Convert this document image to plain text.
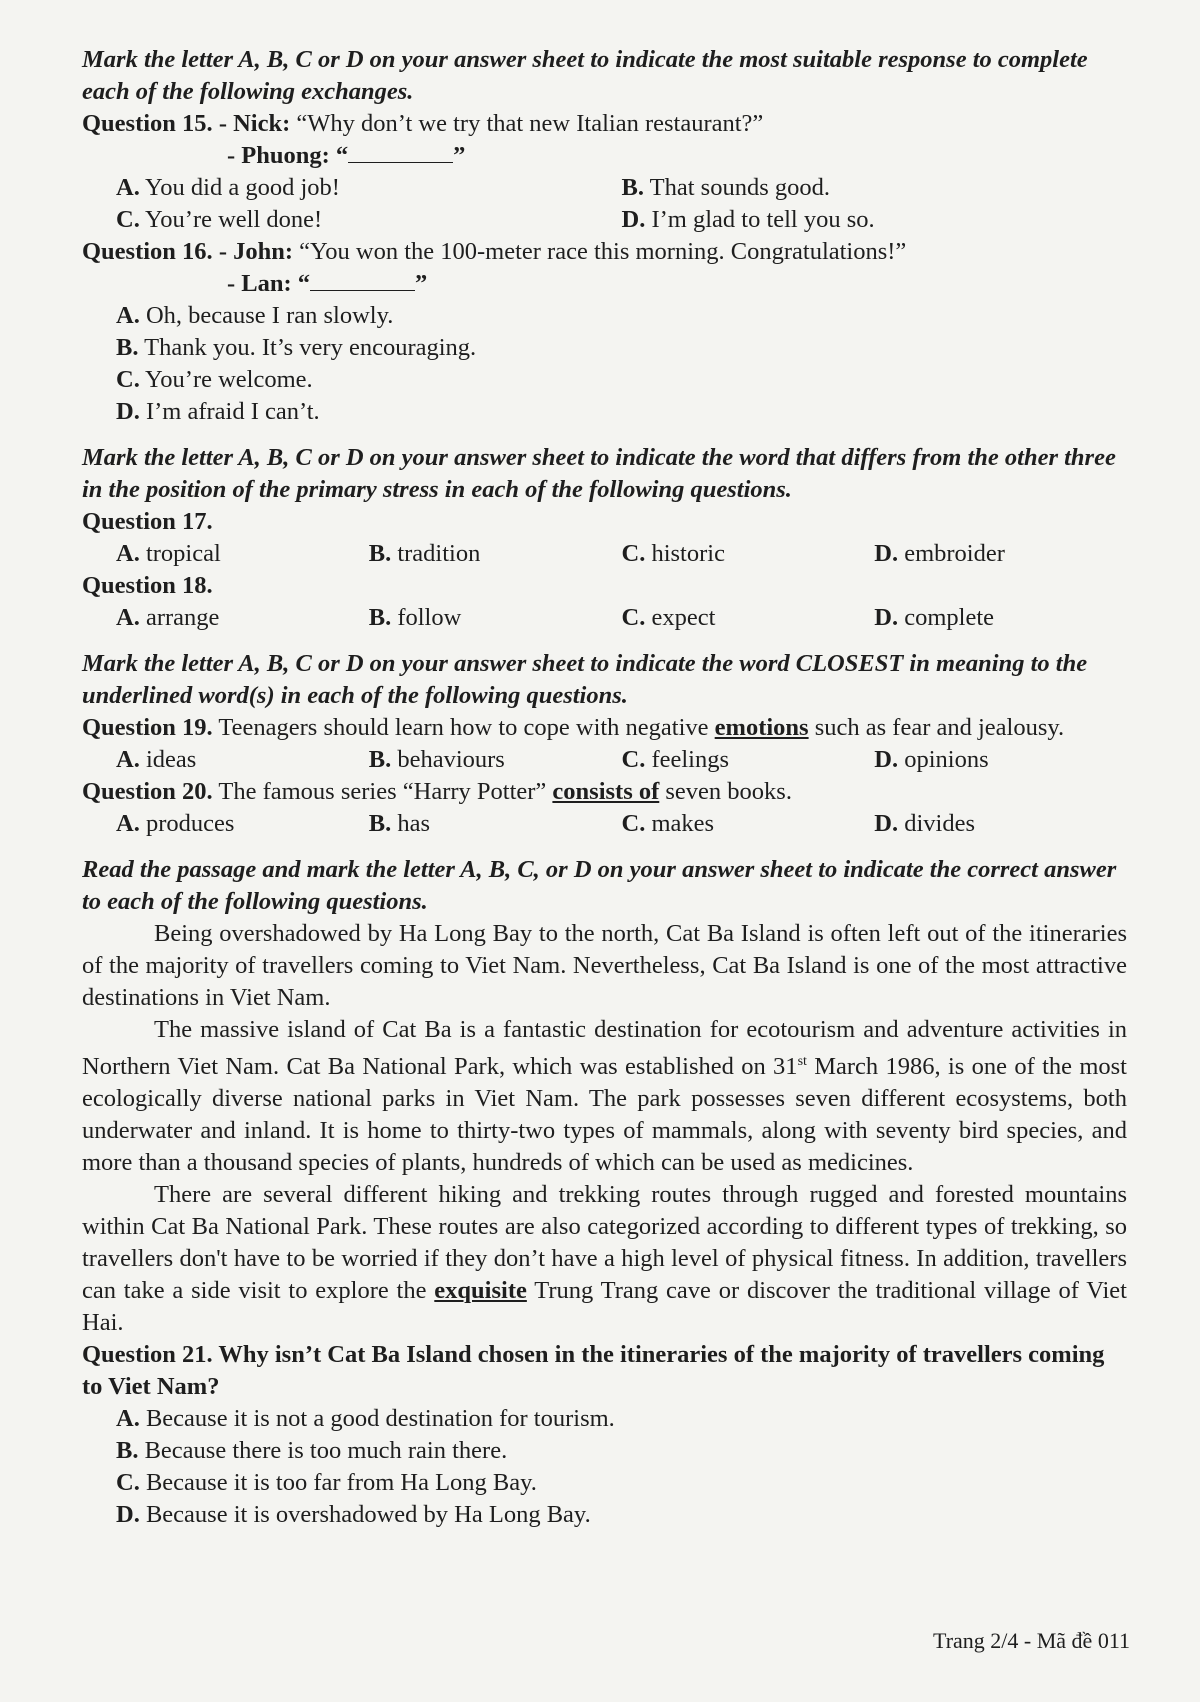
Mark the letter A, B, C or D on your answer sheet to indicate the most suitable response to complete each of the following exchanges.

Question 15. - Nick: “Why don’t we try that new Italian restaurant?”

- Phuong: “	”

A. You did a good job!	B. That sounds good.
C. You’re well done!	D. I’m glad to tell you so.

Question 16. - John: “You won the 100-meter race this morning. Congratulations!”

- Lan: “	”

A. Oh, because I ran slowly.

B. Thank you. It’s very encouraging.

C. You’re welcome.

D. I’m afraid I can’t.

Mark the letter A, B, C or D on your answer sheet to indicate the word that differs from the other three in the position of the primary stress in each of the following questions.

Question 17.

A. tropical	B. tradition	C. historic	D. embroider

Question 18.

A. arrange	B. follow	C. expect	D. complete

Mark the letter A, B, C or D on your answer sheet to indicate the word CLOSEST in meaning to the underlined word(s) in each of the following questions.

Question 19. Teenagers should learn how to cope with negative emotions such as fear and jealousy.

A. ideas	B. behaviours	C. feelings	D. opinions

Question 20. The famous series “Harry Potter” consists of seven books.

A. produces	B. has	C. makes	D. divides

Read the passage and mark the letter A, B, C, or D on your answer sheet to indicate the correct answer to each of the following questions.

Being overshadowed by Ha Long Bay to the north, Cat Ba Island is often left out of the itineraries of the majority of travellers coming to Viet Nam. Nevertheless, Cat Ba Island is one of the most attractive destinations in Viet Nam.

The massive island of Cat Ba is a fantastic destination for ecotourism and adventure activities in Northern Viet Nam. Cat Ba National Park, which was established on 31st March 1986, is one of the most ecologically diverse national parks in Viet Nam. The park possesses seven different ecosystems, both underwater and inland. It is home to thirty-two types of mammals, along with seventy bird species, and more than a thousand species of plants, hundreds of which can be used as medicines.

There are several different hiking and trekking routes through rugged and forested mountains within Cat Ba National Park. These routes are also categorized according to different types of trekking, so travellers don't have to be worried if they don’t have a high level of physical fitness. In addition, travellers can take a side visit to explore the exquisite Trung Trang cave or discover the traditional village of Viet Hai.

Question 21. Why isn’t Cat Ba Island chosen in the itineraries of the majority of travellers coming to Viet Nam?

A. Because it is not a good destination for tourism.

B. Because there is too much rain there.

C. Because it is too far from Ha Long Bay.

D. Because it is overshadowed by Ha Long Bay.

Trang 2/4 - Mã đề 011
